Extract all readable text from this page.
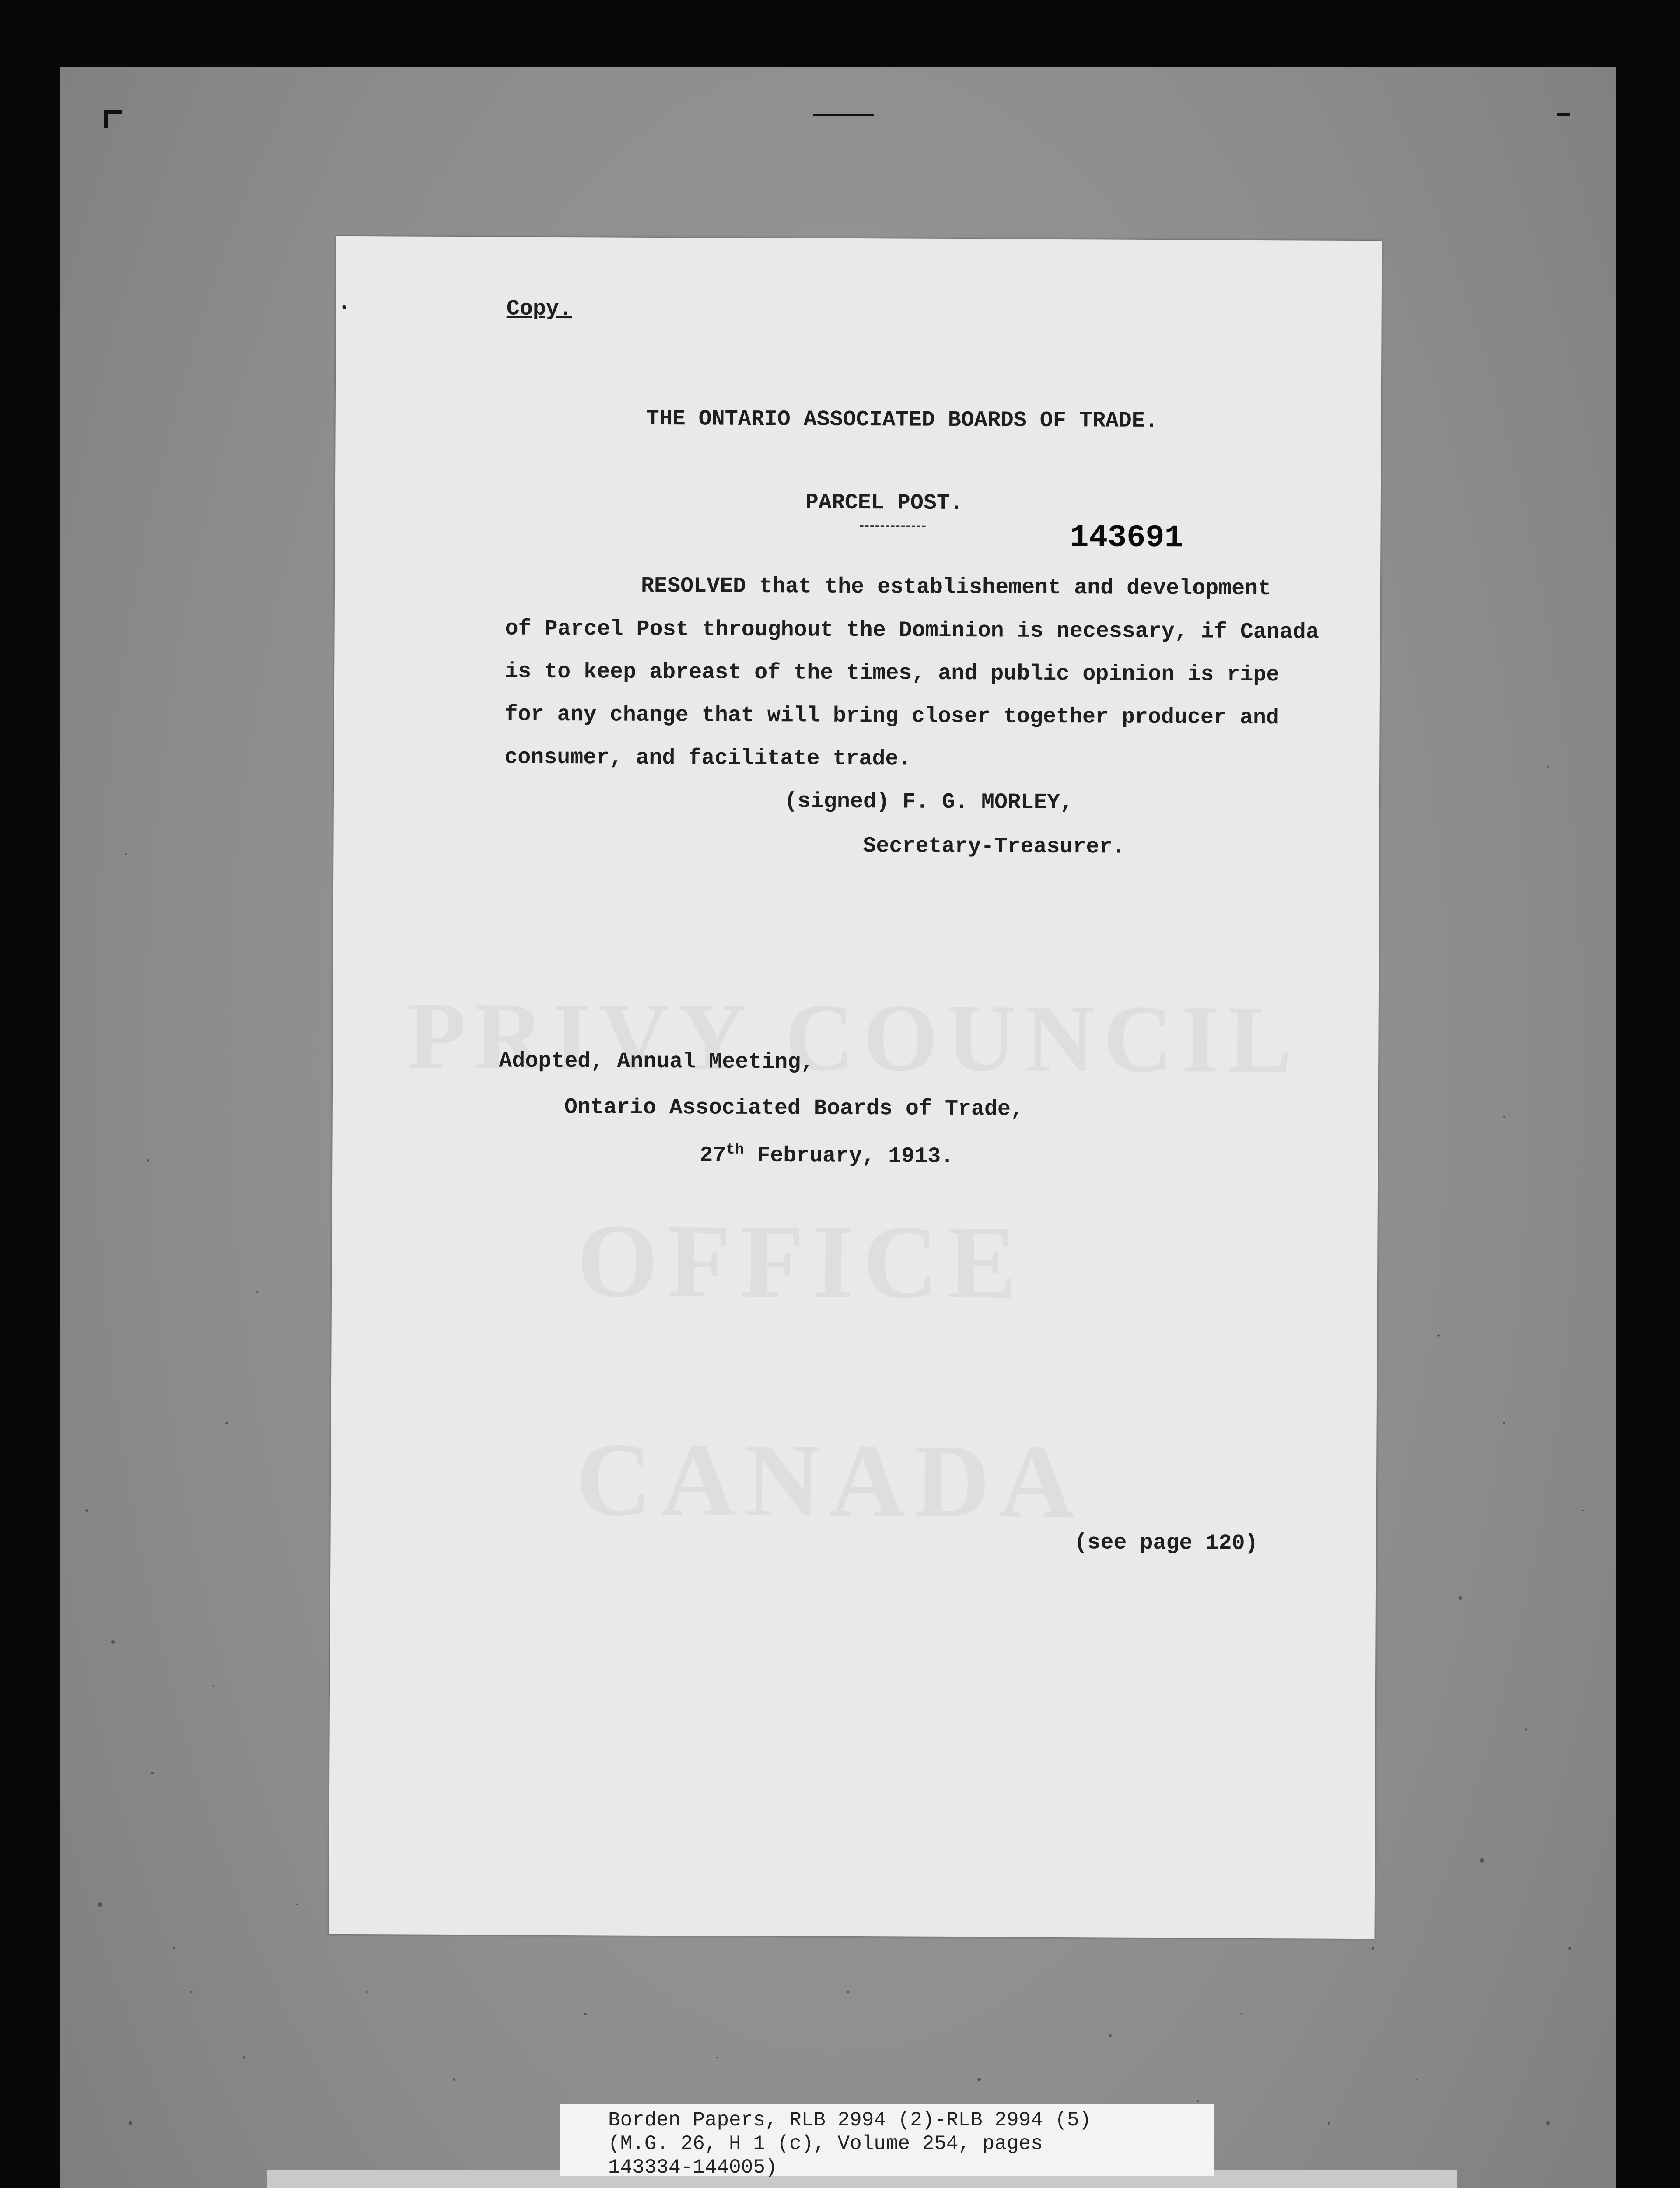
•	Copy.
THE ONTARIO ASSOCIATED BOARDS OF TRADE.
PARCEL POST.
143691
RESOLVED that the establishement and development
of Parcel Post throughout the Dominion is necessary, if Canada
is to keep abreast of the times, and public opinion is ripe
for any change that will bring closer together producer and
consumer, and facilitate trade.
(signed) F. G. MORLEY,
Secretary-Treasurer.
Adopted, Annual Meeting,
Ontario Associated Boards of Trade,
27th February, 1913.
(see page 120)
Borden Papers, RLB 2994 (2)-RLB 2994 (5)
(M.G. 26, H 1 (c), Volume 254, pages
143334-144005)
